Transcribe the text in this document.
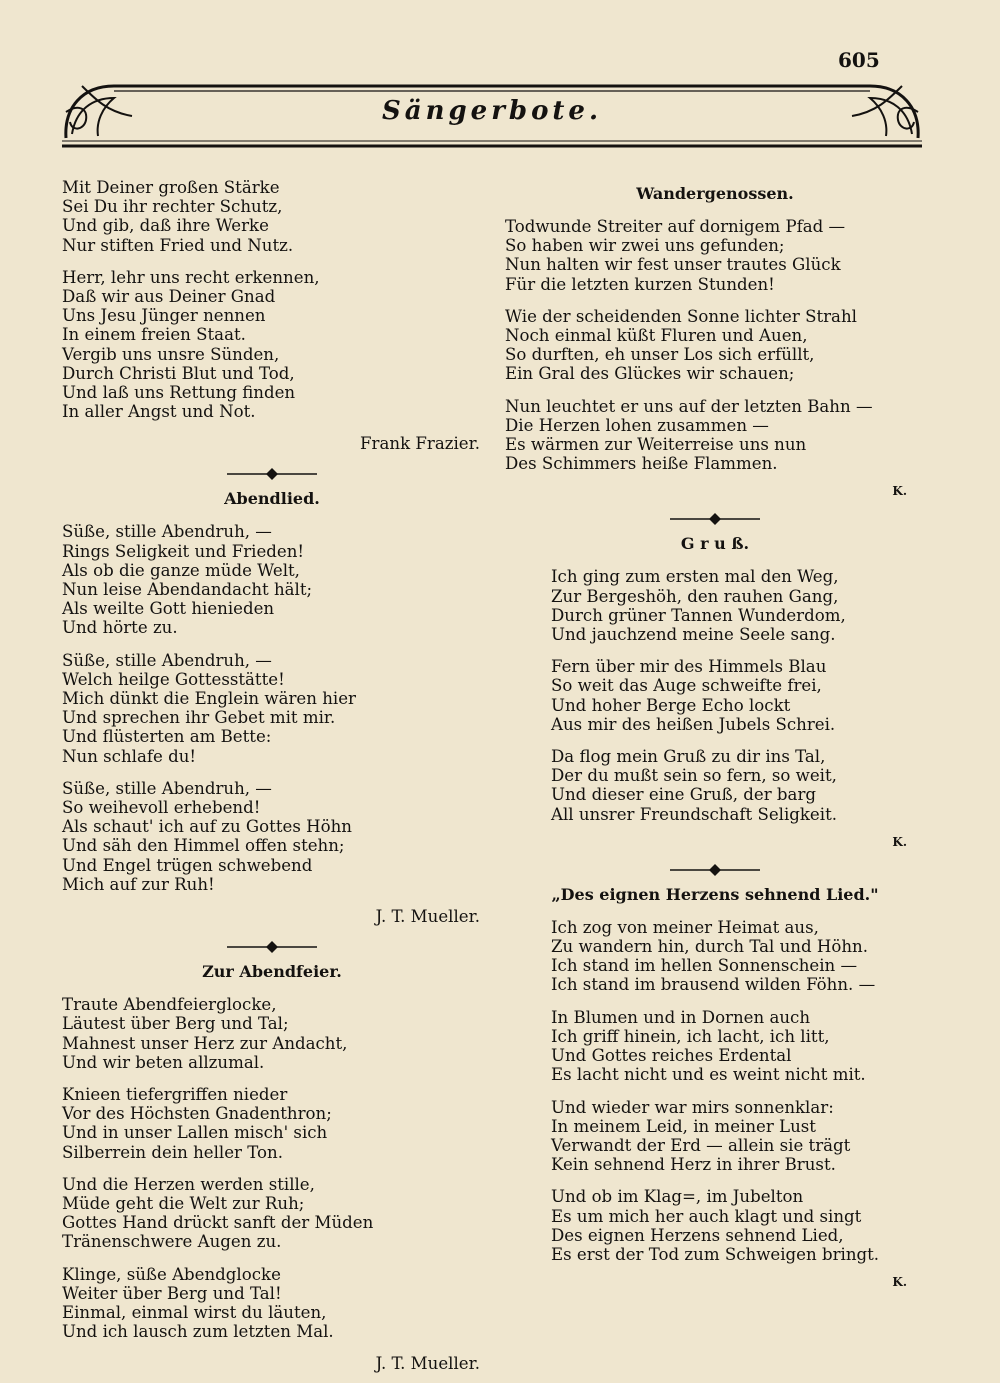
605
Sängerbote.
Mit Deiner großen Stärke
Sei Du ihr rechter Schutz,
Und gib, daß ihre Werke
Nur stiften Fried und Nutz.
Herr, lehr uns recht erkennen,
Daß wir aus Deiner Gnad
Uns Jesu Jünger nennen
In einem freien Staat.
Vergib uns unsre Sünden,
Durch Christi Blut und Tod,
Und laß uns Rettung finden
In aller Angst und Not.
Frank Frazier.
Abendlied.
Süße, stille Abendruh, —
Rings Seligkeit und Frieden!
Als ob die ganze müde Welt,
Nun leise Abendandacht hält;
Als weilte Gott hienieden
Und hörte zu.
Süße, stille Abendruh, —
Welch heilge Gottesstätte!
Mich dünkt die Englein wären hier
Und sprechen ihr Gebet mit mir.
Und flüsterten am Bette:
Nun schlafe du!
Süße, stille Abendruh, —
So weihevoll erhebend!
Als schaut' ich auf zu Gottes Höhn
Und säh den Himmel offen stehn;
Und Engel trügen schwebend
Mich auf zur Ruh!
J. T. Mueller.
Zur Abendfeier.
Traute Abendfeierglocke,
Läutest über Berg und Tal;
Mahnest unser Herz zur Andacht,
Und wir beten allzumal.
Knieen tiefergriffen nieder
Vor des Höchsten Gnadenthron;
Und in unser Lallen misch' sich
Silberrein dein heller Ton.
Und die Herzen werden stille,
Müde geht die Welt zur Ruh;
Gottes Hand drückt sanft der Müden
Tränenschwere Augen zu.
Klinge, süße Abendglocke
Weiter über Berg und Tal!
Einmal, einmal wirst du läuten,
Und ich lausch zum letzten Mal.
J. T. Mueller.
Wandergenossen.
Todwunde Streiter auf dornigem Pfad —
So haben wir zwei uns gefunden;
Nun halten wir fest unser trautes Glück
Für die letzten kurzen Stunden!
Wie der scheidenden Sonne lichter Strahl
Noch einmal küßt Fluren und Auen,
So durften, eh unser Los sich erfüllt,
Ein Gral des Glückes wir schauen;
Nun leuchtet er uns auf der letzten Bahn —
Die Herzen lohen zusammen —
Es wärmen zur Weiterreise uns nun
Des Schimmers heiße Flammen.
K.
G r u ß.
Ich ging zum ersten mal den Weg,
Zur Bergeshöh, den rauhen Gang,
Durch grüner Tannen Wunderdom,
Und jauchzend meine Seele sang.
Fern über mir des Himmels Blau
So weit das Auge schweifte frei,
Und hoher Berge Echo lockt
Aus mir des heißen Jubels Schrei.
Da flog mein Gruß zu dir ins Tal,
Der du mußt sein so fern, so weit,
Und dieser eine Gruß, der barg
All unsrer Freundschaft Seligkeit.
K.
„Des eignen Herzens sehnend Lied."
Ich zog von meiner Heimat aus,
Zu wandern hin, durch Tal und Höhn.
Ich stand im hellen Sonnenschein —
Ich stand im brausend wilden Föhn. —
In Blumen und in Dornen auch
Ich griff hinein, ich lacht, ich litt,
Und Gottes reiches Erdental
Es lacht nicht und es weint nicht mit.
Und wieder war mirs sonnenklar:
In meinem Leid, in meiner Lust
Verwandt der Erd — allein sie trägt
Kein sehnend Herz in ihrer Brust.
Und ob im Klag=, im Jubelton
Es um mich her auch klagt und singt
Des eignen Herzens sehnend Lied,
Es erst der Tod zum Schweigen bringt.
K.
